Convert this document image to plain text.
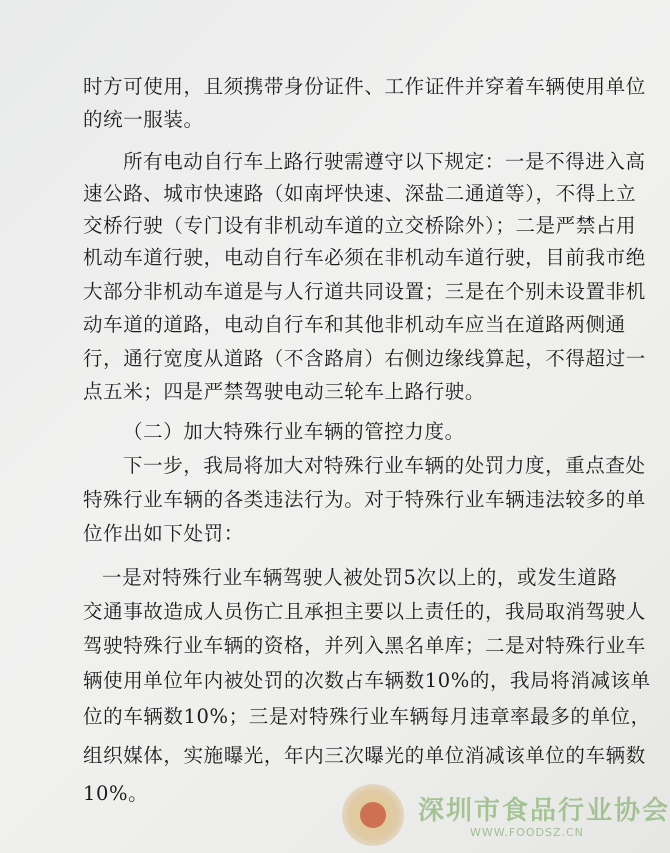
时方可使用，且须携带身份证件、工作证件并穿着车辆使用单位
的统一服装。
所有电动自行车上路行驶需遵守以下规定：一是不得进入高
速公路、城市快速路（如南坪快速、深盐二通道等），不得上立
交桥行驶（专门设有非机动车道的立交桥除外）；二是严禁占用
机动车道行驶，电动自行车必须在非机动车道行驶，目前我市绝
大部分非机动车道是与人行道共同设置；三是在个别未设置非机
动车道的道路，电动自行车和其他非机动车应当在道路两侧通
行，通行宽度从道路（不含路肩）右侧边缘线算起，不得超过一
点五米；四是严禁驾驶电动三轮车上路行驶。
（二）加大特殊行业车辆的管控力度。
下一步，我局将加大对特殊行业车辆的处罚力度，重点查处
特殊行业车辆的各类违法行为。对于特殊行业车辆违法较多的单
位作出如下处罚：
一是对特殊行业车辆驾驶人被处罚5次以上的，或发生道路
交通事故造成人员伤亡且承担主要以上责任的，我局取消驾驶人
驾驶特殊行业车辆的资格，并列入黑名单库；二是对特殊行业车
辆使用单位年内被处罚的次数占车辆数10%的，我局将消减该单
位的车辆数10%；三是对特殊行业车辆每月违章率最多的单位，
组织媒体，实施曝光，年内三次曝光的单位消减该单位的车辆数
10%。
深圳市食品行业协会
WWW.FOODSZ.CN
